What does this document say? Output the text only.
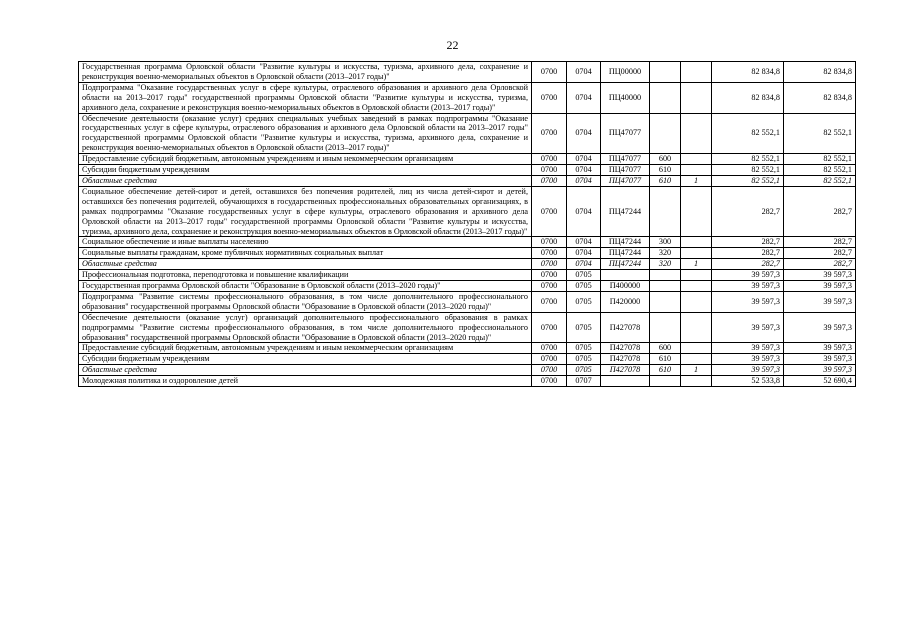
22
Государственная программа Орловской области "Развитие культуры и искусства, туризма, архивного дела, сохранение и реконструкция военно-мемориальных объектов в Орловской области (2013–2017 годы)"	0700	0704	ПЦ00000			82 834,8	82 834,8
Подпрограмма "Оказание государственных услуг в сфере культуры, отраслевого образования и архивного дела Орловской области на 2013–2017 годы" государственной программы Орловской области "Развитие культуры и искусства, туризма, архивного дела, сохранение и реконструкция военно-мемориальных объектов в Орловской области (2013–2017 годы)"	0700	0704	ПЦ40000			82 834,8	82 834,8
Обеспечение деятельности (оказание услуг) средних специальных учебных заведений в рамках подпрограммы "Оказание государственных услуг в сфере культуры, отраслевого образования и архивного дела Орловской области на 2013–2017 годы" государственной программы Орловской области "Развитие культуры и искусства, туризма, архивного дела, сохранение и реконструкция военно-мемориальных объектов в Орловской области (2013–2017 годы)"	0700	0704	ПЦ47077			82 552,1	82 552,1
Предоставление субсидий бюджетным, автономным учреждениям и иным некоммерческим организациям	0700	0704	ПЦ47077	600		82 552,1	82 552,1
Субсидии бюджетным учреждениям	0700	0704	ПЦ47077	610		82 552,1	82 552,1
Областные средства	0700	0704	ПЦ47077	610	1	82 552,1	82 552,1
Социальное обеспечение детей-сирот и детей, оставшихся без попечения родителей, лиц из числа детей-сирот и детей, оставшихся без попечения родителей, обучающихся в государственных профессиональных образовательных организациях, в рамках подпрограммы "Оказание государственных услуг в сфере культуры, отраслевого образования и архивного дела Орловской области на 2013–2017 годы" государственной программы Орловской области "Развитие культуры и искусства, туризма, архивного дела, сохранение и реконструкция военно-мемориальных объектов в Орловской области (2013–2017 годы)"	0700	0704	ПЦ47244			282,7	282,7
Социальное обеспечение и иные выплаты населению	0700	0704	ПЦ47244	300		282,7	282,7
Социальные выплаты гражданам, кроме публичных нормативных социальных выплат	0700	0704	ПЦ47244	320		282,7	282,7
Областные средства	0700	0704	ПЦ47244	320	1	282,7	282,7
Профессиональная подготовка, переподготовка и повышение квалификации	0700	0705				39 597,3	39 597,3
Государственная программа Орловской области "Образование в Орловской области (2013–2020 годы)"	0700	0705	П400000			39 597,3	39 597,3
Подпрограмма "Развитие системы профессионального образования, в том числе дополнительного профессионального образования" государственной программы Орловской области "Образование в Орловской области (2013–2020 годы)"	0700	0705	П420000			39 597,3	39 597,3
Обеспечение деятельности (оказание услуг) организаций дополнительного профессионального образования в рамках подпрограммы "Развитие системы профессионального образования, в том числе дополнительного профессионального образования" государственной программы Орловской области "Образование в Орловской области (2013–2020 годы)"	0700	0705	П427078			39 597,3	39 597,3
Предоставление субсидий бюджетным, автономным учреждениям и иным некоммерческим организациям	0700	0705	П427078	600		39 597,3	39 597,3
Субсидии бюджетным учреждениям	0700	0705	П427078	610		39 597,3	39 597,3
Областные средства	0700	0705	П427078	610	1	39 597,3	39 597,3
Молодежная политика и оздоровление детей	0700	0707				52 533,8	52 690,4
